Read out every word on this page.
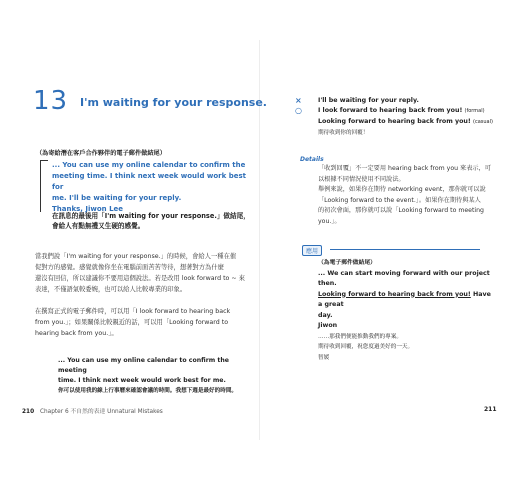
13 I'm waiting for your response.
（為寄給潛在客戶合作夥伴的電子郵件做結尾）
... You can use my online calendar to confirm the
meeting time. I think next week would work best for
me. I'll be waiting for your reply.
Thanks, Jiwon Lee
在訊息的最後用「I'm waiting for your response.」做結尾，
會給人有點無禮又生硬的感覺。
當我們說「I'm waiting for your response.」的時候，會給人一種在催
促對方的感覺。感覺就像你坐在電腦前面苦苦等待，想著對方為什麼
還沒有回信，所以建議你不要用這個說法。若是改用 look forward to ~ 來
表達，不僅語氣較委婉，也可以給人比較專業的印象。
在撰寫正式的電子郵件時，可以用「I look forward to hearing back
from you.」；如果關係比較親近的話，可以用「Looking forward to
hearing back from you.」。
... You can use my online calendar to confirm the meeting
time. I think next week would work best for me.
你可以使用我的線上行事曆來確認會議的時間。我想下週是最好的時間。
210 Chapter 6 不自然的表達 Unnatural Mistakes
×
○
I'll be waiting for your reply.
I look forward to hearing back from you! (formal)
Looking forward to hearing back from you! (casual)
期待收到你的回覆！
Details
「收到回覆」不一定要用 hearing back from you 來表示，可
以根據不同情況使用不同說法。
舉例來說，如果你在期待 networking event，那你就可以說
「Looking forward to the event.」。如果你在期待與某人
的初次會面，那你就可以說「Looking forward to meeting
you.」。
應用
（為電子郵件做結尾）
... We can start moving forward with our project then.
Looking forward to hearing back from you! Have a great
day.
Jiwon
……那我們便能推動我們的專案。
期待收到回覆，祝您度過美好的一天。
智媛
211
